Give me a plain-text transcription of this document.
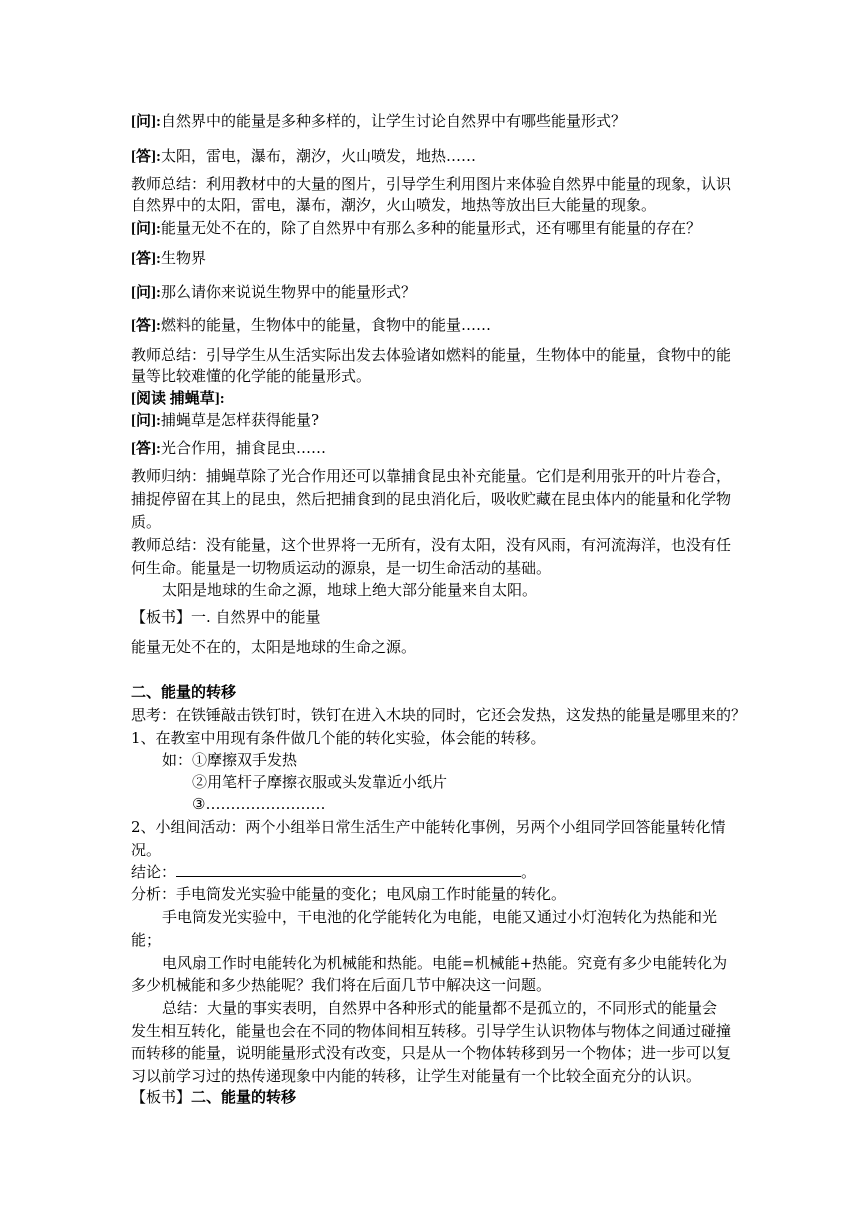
[问]:自然界中的能量是多种多样的，让学生讨论自然界中有哪些能量形式？
[答]:太阳，雷电，瀑布，潮汐，火山喷发，地热……
教师总结：利用教材中的大量的图片，引导学生利用图片来体验自然界中能量的现象，认识
自然界中的太阳，雷电，瀑布，潮汐，火山喷发，地热等放出巨大能量的现象。
[问]:能量无处不在的，除了自然界中有那么多种的能量形式，还有哪里有能量的存在？
[答]:生物界
[问]:那么请你来说说生物界中的能量形式？
[答]:燃料的能量，生物体中的能量，食物中的能量……
教师总结：引导学生从生活实际出发去体验诸如燃料的能量，生物体中的能量，食物中的能
量等比较难懂的化学能的能量形式。
[阅读 捕蝇草]:
[问]:捕蝇草是怎样获得能量?
[答]:光合作用，捕食昆虫……
教师归纳：捕蝇草除了光合作用还可以靠捕食昆虫补充能量。它们是利用张开的叶片卷合，
捕捉停留在其上的昆虫，然后把捕食到的昆虫消化后，吸收贮藏在昆虫体内的能量和化学物
质。
教师总结：没有能量，这个世界将一无所有，没有太阳，没有风雨，有河流海洋，也没有任
何生命。能量是一切物质运动的源泉，是一切生命活动的基础。
太阳是地球的生命之源，地球上绝大部分能量来自太阳。
【板书】一. 自然界中的能量
能量无处不在的，太阳是地球的生命之源。
二、能量的转移
思考：在铁锤敲击铁钉时，铁钉在进入木块的同时，它还会发热，这发热的能量是哪里来的？
1、在教室中用现有条件做几个能的转化实验，体会能的转移。
如：①摩擦双手发热
②用笔杆子摩擦衣服或头发靠近小纸片
③……………………
2、小组间活动：两个小组举日常生活生产中能转化事例，另两个小组同学回答能量转化情
况。
结论：	。
分析：手电筒发光实验中能量的变化；电风扇工作时能量的转化。
手电筒发光实验中，干电池的化学能转化为电能，电能又通过小灯泡转化为热能和光
能；
电风扇工作时电能转化为机械能和热能。电能=机械能+热能。究竟有多少电能转化为
多少机械能和多少热能呢？我们将在后面几节中解决这一问题。
总结：大量的事实表明，自然界中各种形式的能量都不是孤立的，不同形式的能量会
发生相互转化，能量也会在不同的物体间相互转移。引导学生认识物体与物体之间通过碰撞
而转移的能量，说明能量形式没有改变，只是从一个物体转移到另一个物体；进一步可以复
习以前学习过的热传递现象中内能的转移，让学生对能量有一个比较全面充分的认识。
【板书】二、能量的转移
